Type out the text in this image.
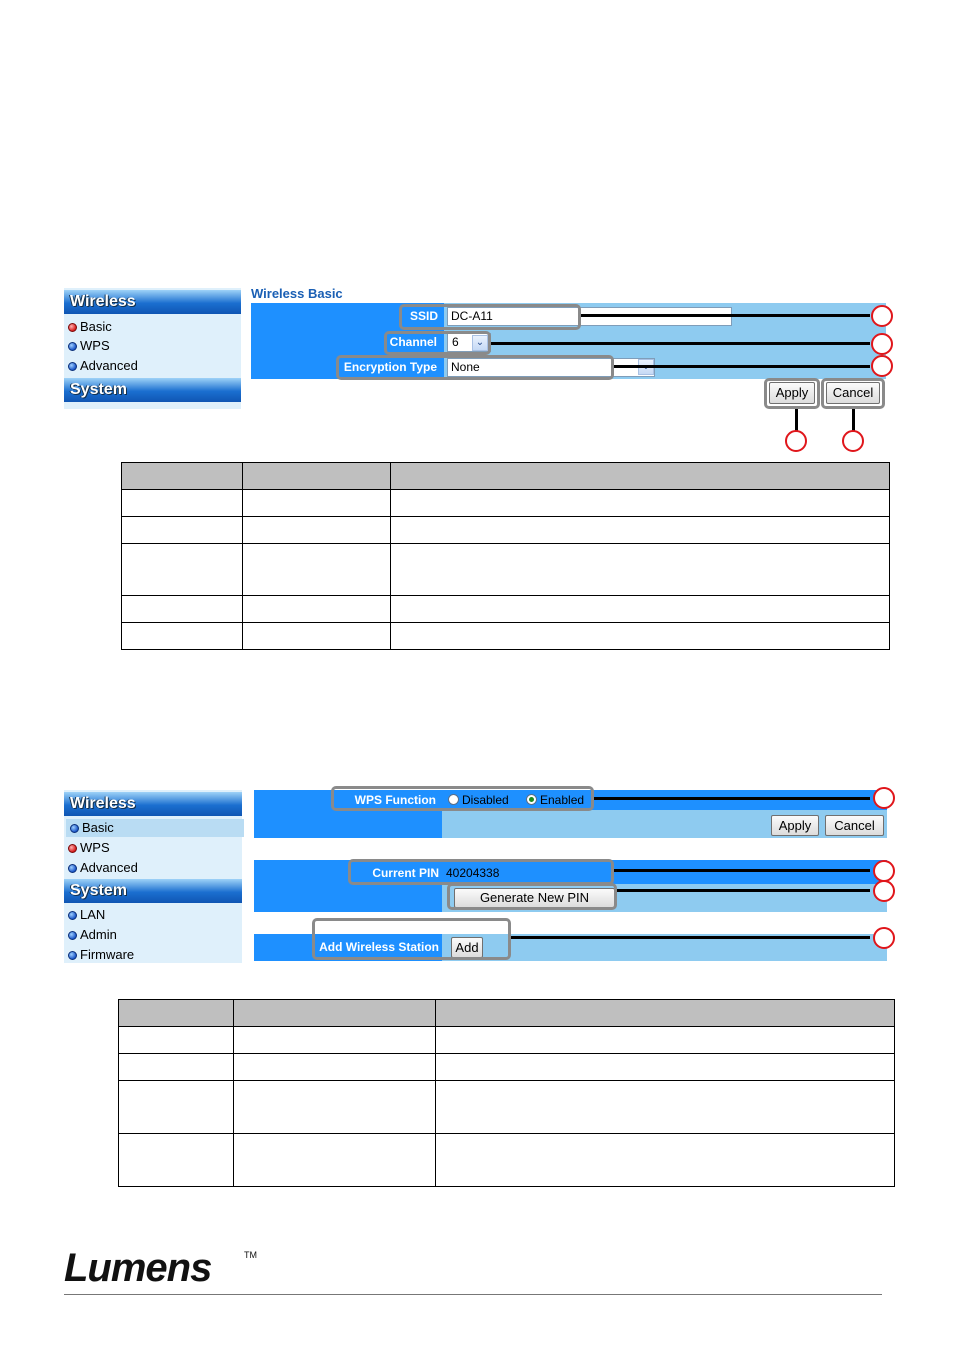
Wireless
Basic
WPS
Advanced
System
Wireless Basic
SSID	DC-A11
Channel	6	⌄
Encryption Type	None
Apply	Cancel

Wireless
Basic
WPS
Advanced
System
LAN
Admin
Firmware
WPS Function	Disabled	Enabled
Apply	Cancel
Current PIN 40204338
Generate New PIN
Add Wireless Station	Add

Lumens	TM
